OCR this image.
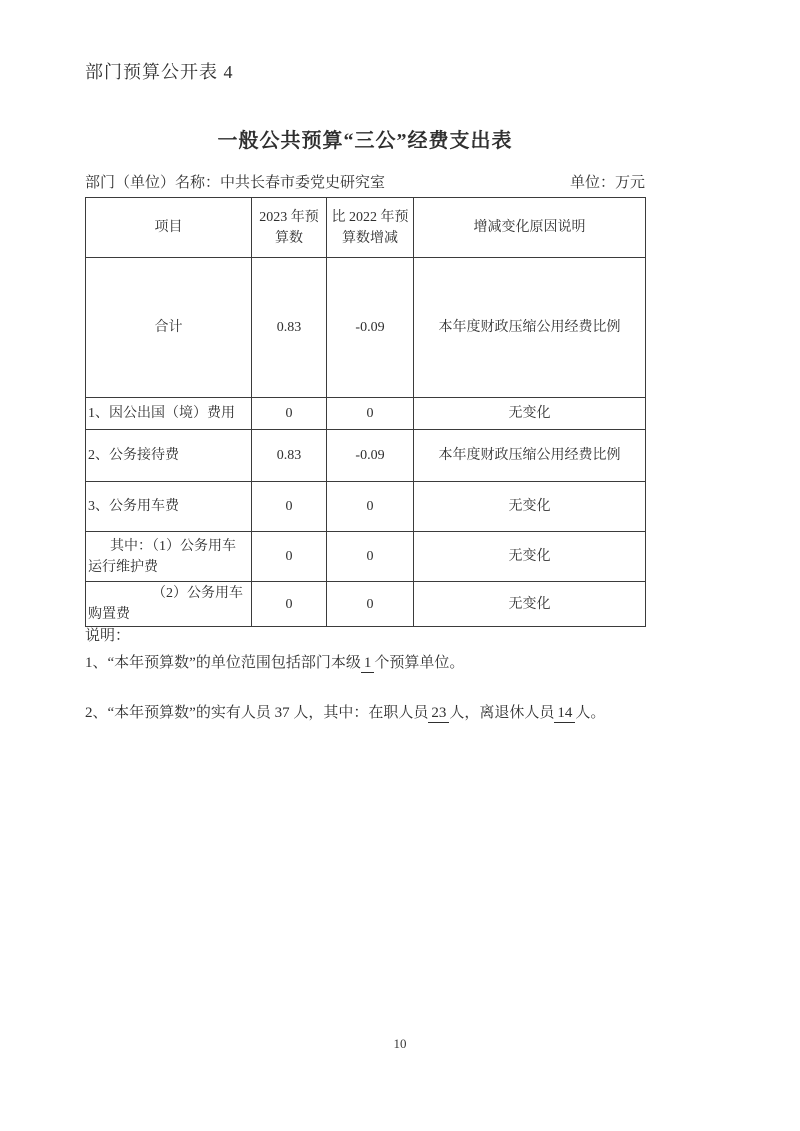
部门预算公开表 4
一般公共预算“三公”经费支出表
部门（单位）名称： 中共长春市委党史研究室	单位：万元
项目	2023 年预算数	比 2022 年预算数增减	增减变化原因说明
合计	0.83	-0.09	本年度财政压缩公用经费比例
1、因公出国（境）费用	0	0	无变化
2、公务接待费	0.83	-0.09	本年度财政压缩公用经费比例
3、公务用车费	0	0	无变化
其中：（1）公务用车运行维护费	0	0	无变化
（2）公务用车购置费	0	0	无变化
说明：
1、“本年预算数”的单位范围包括部门本级 1 个预算单位。
2、“本年预算数”的实有人员 37 人，其中：在职人员 23 人，离退休人员 14 人。
10
